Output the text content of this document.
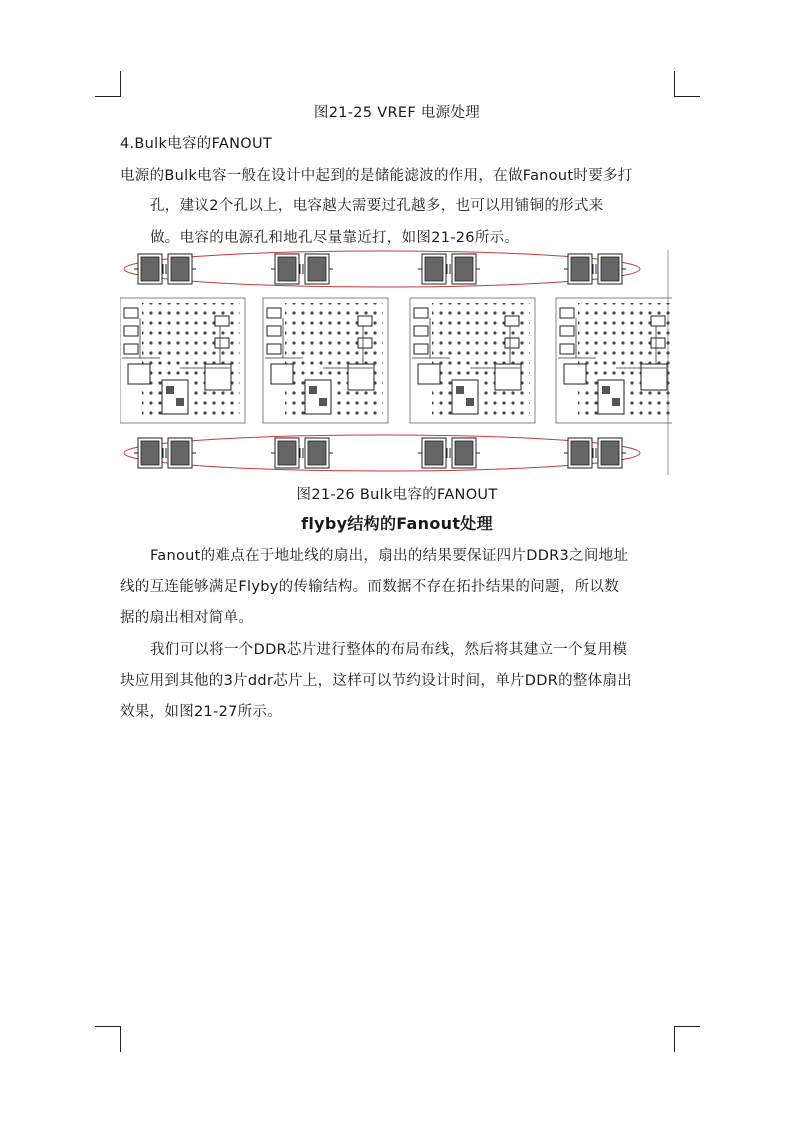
图21-25 VREF 电源处理
4.Bulk电容的FANOUT
电源的Bulk电容一般在设计中起到的是储能滤波的作用，在做Fanout时要多打
孔，建议2个孔以上，电容越大需要过孔越多，也可以用铺铜的形式来
做。电容的电源孔和地孔尽量靠近打，如图21-26所示。
图21-26 Bulk电容的FANOUT
flyby结构的Fanout处理
Fanout的难点在于地址线的扇出，扇出的结果要保证四片DDR3之间地址
线的互连能够满足Flyby的传输结构。而数据不存在拓扑结果的问题，所以数
据的扇出相对简单。
我们可以将一个DDR芯片进行整体的布局布线，然后将其建立一个复用模
块应用到其他的3片ddr芯片上，这样可以节约设计时间，单片DDR的整体扇出
效果，如图21-27所示。
